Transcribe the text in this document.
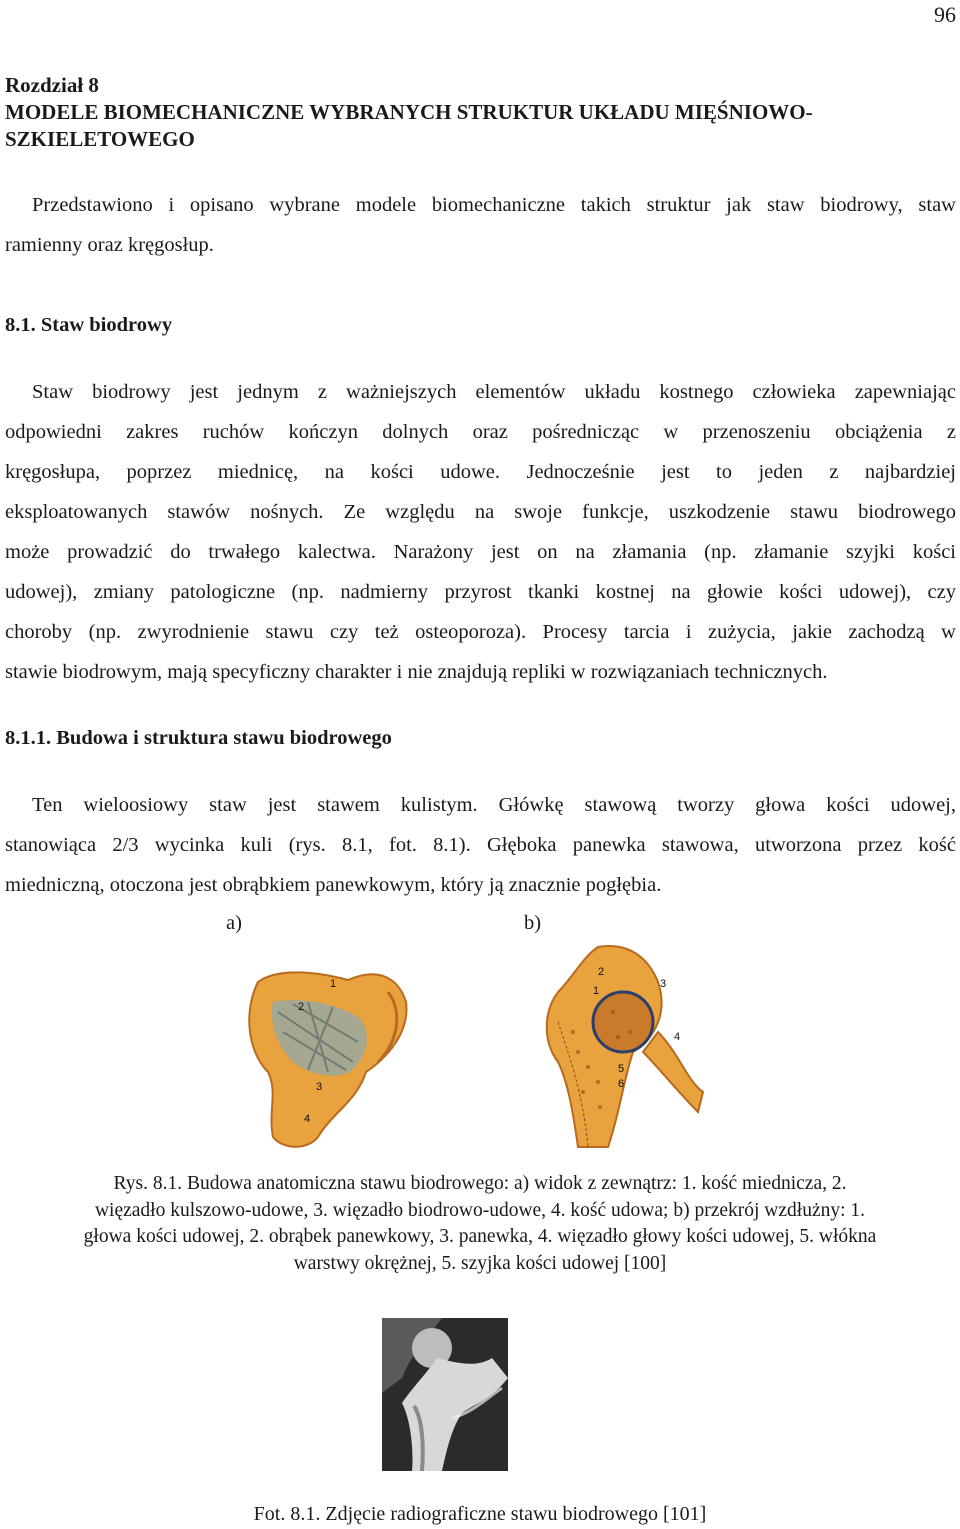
96
Rozdział 8
MODELE BIOMECHANICZNE WYBRANYCH STRUKTUR UKŁADU MIĘŚNIOWO-
SZKIELETOWEGO
Przedstawiono i opisano wybrane modele biomechaniczne takich struktur jak staw biodrowy, staw
ramienny oraz kręgosłup.
8.1. Staw biodrowy
Staw biodrowy jest jednym z ważniejszych elementów układu kostnego człowieka zapewniając
odpowiedni zakres ruchów kończyn dolnych oraz pośrednicząc w przenoszeniu obciążenia z
kręgosłupa, poprzez miednicę, na kości udowe. Jednocześnie jest to jeden z najbardziej
eksploatowanych stawów nośnych. Ze względu na swoje funkcje, uszkodzenie stawu biodrowego
może prowadzić do trwałego kalectwa. Narażony jest on na złamania (np. złamanie szyjki kości
udowej), zmiany patologiczne (np. nadmierny przyrost tkanki kostnej na głowie kości udowej), czy
choroby (np. zwyrodnienie stawu czy też osteoporoza). Procesy tarcia i zużycia, jakie zachodzą w
stawie biodrowym, mają specyficzny charakter i nie znajdują repliki w rozwiązaniach technicznych.
8.1.1. Budowa i struktura stawu biodrowego
Ten wieloosiowy staw jest stawem kulistym. Główkę stawową tworzy głowa kości udowej,
stanowiąca 2/3 wycinka kuli (rys. 8.1, fot. 8.1). Głęboka panewka stawowa, utworzona przez kość
miedniczną, otoczona jest obrąbkiem panewkowym, który ją znacznie pogłębia.
a)	b)
1
2
3
4
1
2
3
4
5
6
Rys. 8.1. Budowa anatomiczna stawu biodrowego: a) widok z zewnątrz: 1. kość miednicza, 2.
więzadło kulszowo-udowe, 3. więzadło biodrowo-udowe, 4. kość udowa; b) przekrój wzdłużny: 1.
głowa kości udowej, 2. obrąbek panewkowy, 3. panewka, 4. więzadło głowy kości udowej, 5. włókna
warstwy okrężnej, 5. szyjka kości udowej [100]
Fot. 8.1. Zdjęcie radiograficzne stawu biodrowego [101]
